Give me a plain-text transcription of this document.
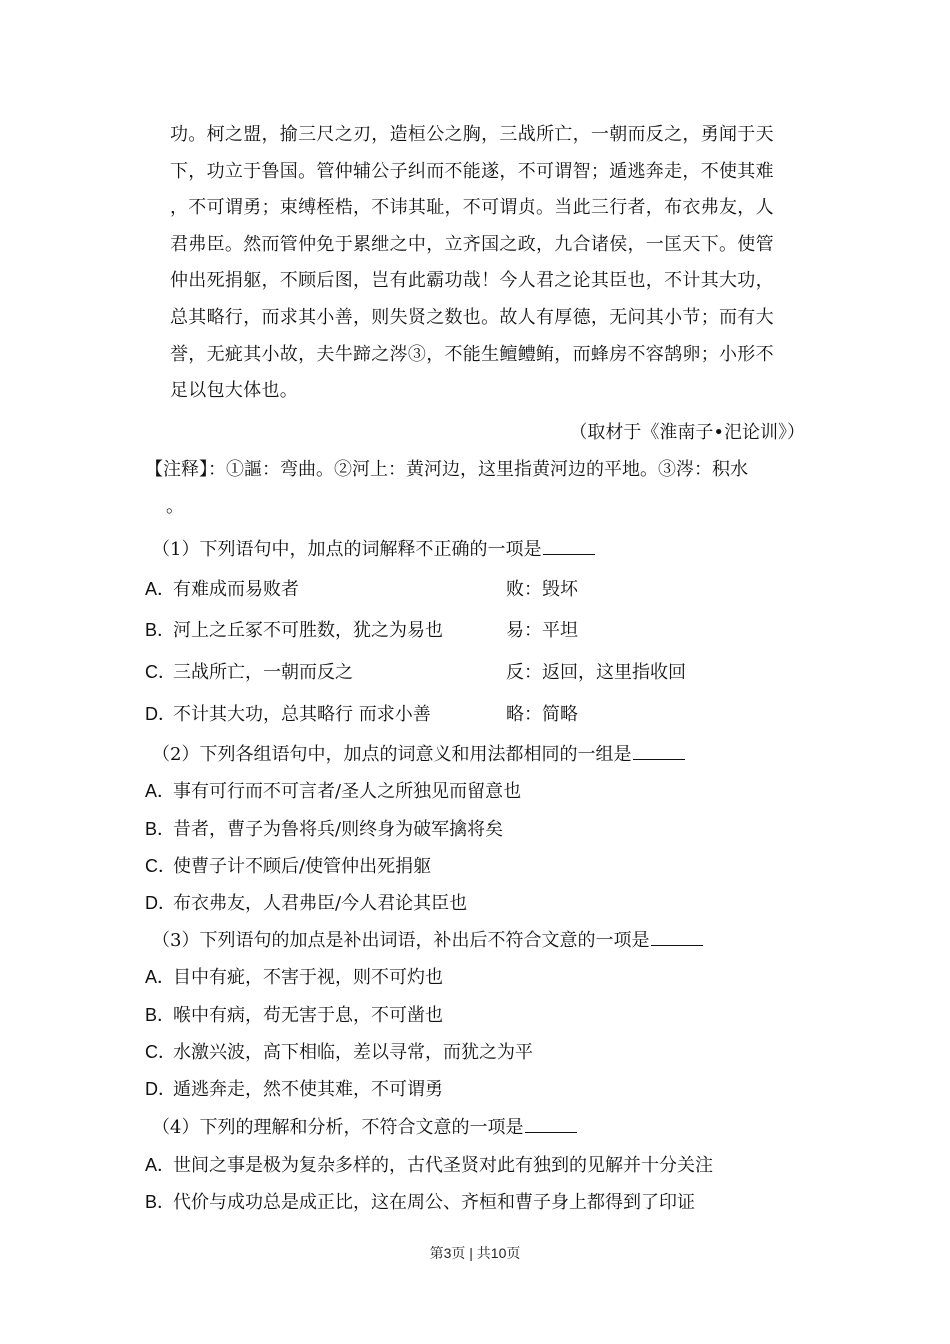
功。柯之盟，揄三尺之刃，造桓公之胸，三战所亡，一朝而反之，勇闻于天
下，功立于鲁国。管仲辅公子纠而不能遂，不可谓智；遁逃奔走，不使其难
，不可谓勇；束缚桎梏，不讳其耻，不可谓贞。当此三行者，布衣弗友，人
君弗臣。然而管仲免于累绁之中，立齐国之政，九合诸侯，一匡天下。使管
仲出死捐躯，不顾后图，岂有此霸功哉！今人君之论其臣也，不计其大功，
总其略行，而求其小善，则失贤之数也。故人有厚德，无问其小节；而有大
誉，无疵其小故，夫牛蹄之涔③，不能生鳣鳢鲔，而蜂房不容鹄卵；小形不
足以包大体也。
（取材于《淮南子•汜论训》）
【注释】：①謳：弯曲。②河上：黄河边，这里指黄河边的平地。③涔：积水
。
（1）下列语句中，加点的词解释不正确的一项是
A．有难成而易败者	败：毁坏
B．河上之丘冢不可胜数，犹之为易也	易：平坦
C．三战所亡，一朝而反之	反：返回，这里指收回
D．不计其大功，总其略行 而求小善	略：简略
（2）下列各组语句中，加点的词意义和用法都相同的一组是
A．事有可行而不可言者/圣人之所独见而留意也
B．昔者，曹子为鲁将兵/则终身为破军擒将矣
C．使曹子计不顾后/使管仲出死捐躯
D．布衣弗友，人君弗臣/今人君论其臣也
（3）下列语句的加点是补出词语，补出后不符合文意的一项是
A．目中有疵，不害于视，则不可灼也
B．喉中有病，苟无害于息，不可凿也
C．水激兴波，高下相临，差以寻常，而犹之为平
D．遁逃奔走，然不使其难，不可谓勇
（4）下列的理解和分析，不符合文意的一项是
A．世间之事是极为复杂多样的，古代圣贤对此有独到的见解并十分关注
B．代价与成功总是成正比，这在周公、齐桓和曹子身上都得到了印证
第3页 | 共10页
